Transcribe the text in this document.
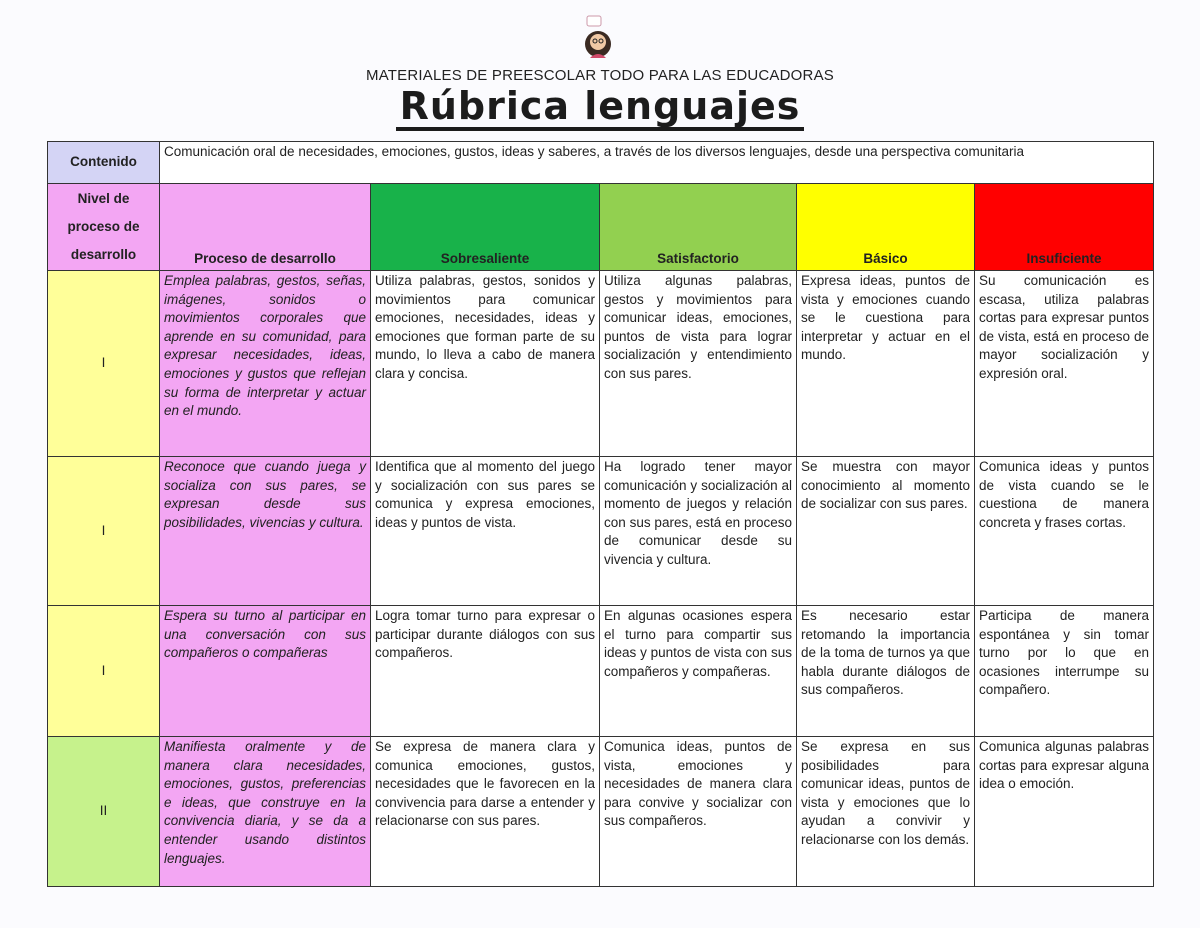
MATERIALES DE PREESCOLAR TODO PARA LAS EDUCADORAS
Rúbrica lenguajes
Contenido	Comunicación oral de necesidades, emociones, gustos, ideas y saberes, a través de los diversos lenguajes, desde una perspectiva comunitaria				
Nivel de proceso de desarrollo	Proceso de desarrollo	Sobresaliente	Satisfactorio	Básico	Insuficiente
I	Emplea palabras, gestos, señas, imágenes, sonidos o movimientos corporales que aprende en su comunidad, para expresar necesidades, ideas, emociones y gustos que reflejan su forma de interpretar y actuar en el mundo.	Utiliza palabras, gestos, sonidos y movimientos para comunicar emociones, necesidades, ideas y emociones que forman parte de su mundo, lo lleva a cabo de manera clara y concisa.	Utiliza algunas palabras, gestos y movimientos para comunicar ideas, emociones, puntos de vista para lograr socialización y entendimiento con sus pares.	Expresa ideas, puntos de vista y emociones cuando se le cuestiona para interpretar y actuar en el mundo.	Su comunicación es escasa, utiliza palabras cortas para expresar puntos de vista, está en proceso de mayor socialización y expresión oral.
I	Reconoce que cuando juega y socializa con sus pares, se expresan desde sus posibilidades, vivencias y cultura.	Identifica que al momento del juego y socialización con sus pares se comunica y expresa emociones, ideas y puntos de vista.	Ha logrado tener mayor comunicación y socialización al momento de juegos y relación con sus pares, está en proceso de comunicar desde su vivencia y cultura.	Se muestra con mayor conocimiento al momento de socializar con sus pares.	Comunica ideas y puntos de vista cuando se le cuestiona de manera concreta y frases cortas.
I	Espera su turno al participar en una conversación con sus compañeros o compañeras	Logra tomar turno para expresar o participar durante diálogos con sus compañeros.	En algunas ocasiones espera el turno para compartir sus ideas y puntos de vista con sus compañeros y compañeras.	Es necesario estar retomando la importancia de la toma de turnos ya que habla durante diálogos de sus compañeros.	Participa de manera espontánea y sin tomar turno por lo que en ocasiones interrumpe su compañero.
II	Manifiesta oralmente y de manera clara necesidades, emociones, gustos, preferencias e ideas, que construye en la convivencia diaria, y se da a entender usando distintos lenguajes.	Se expresa de manera clara y comunica emociones, gustos, necesidades que le favorecen en la convivencia para darse a entender y relacionarse con sus pares.	Comunica ideas, puntos de vista, emociones y necesidades de manera clara para convive y socializar con sus compañeros.	Se expresa en sus posibilidades para comunicar ideas, puntos de vista y emociones que lo ayudan a convivir y relacionarse con los demás.	Comunica algunas palabras cortas para expresar alguna idea o emoción.
